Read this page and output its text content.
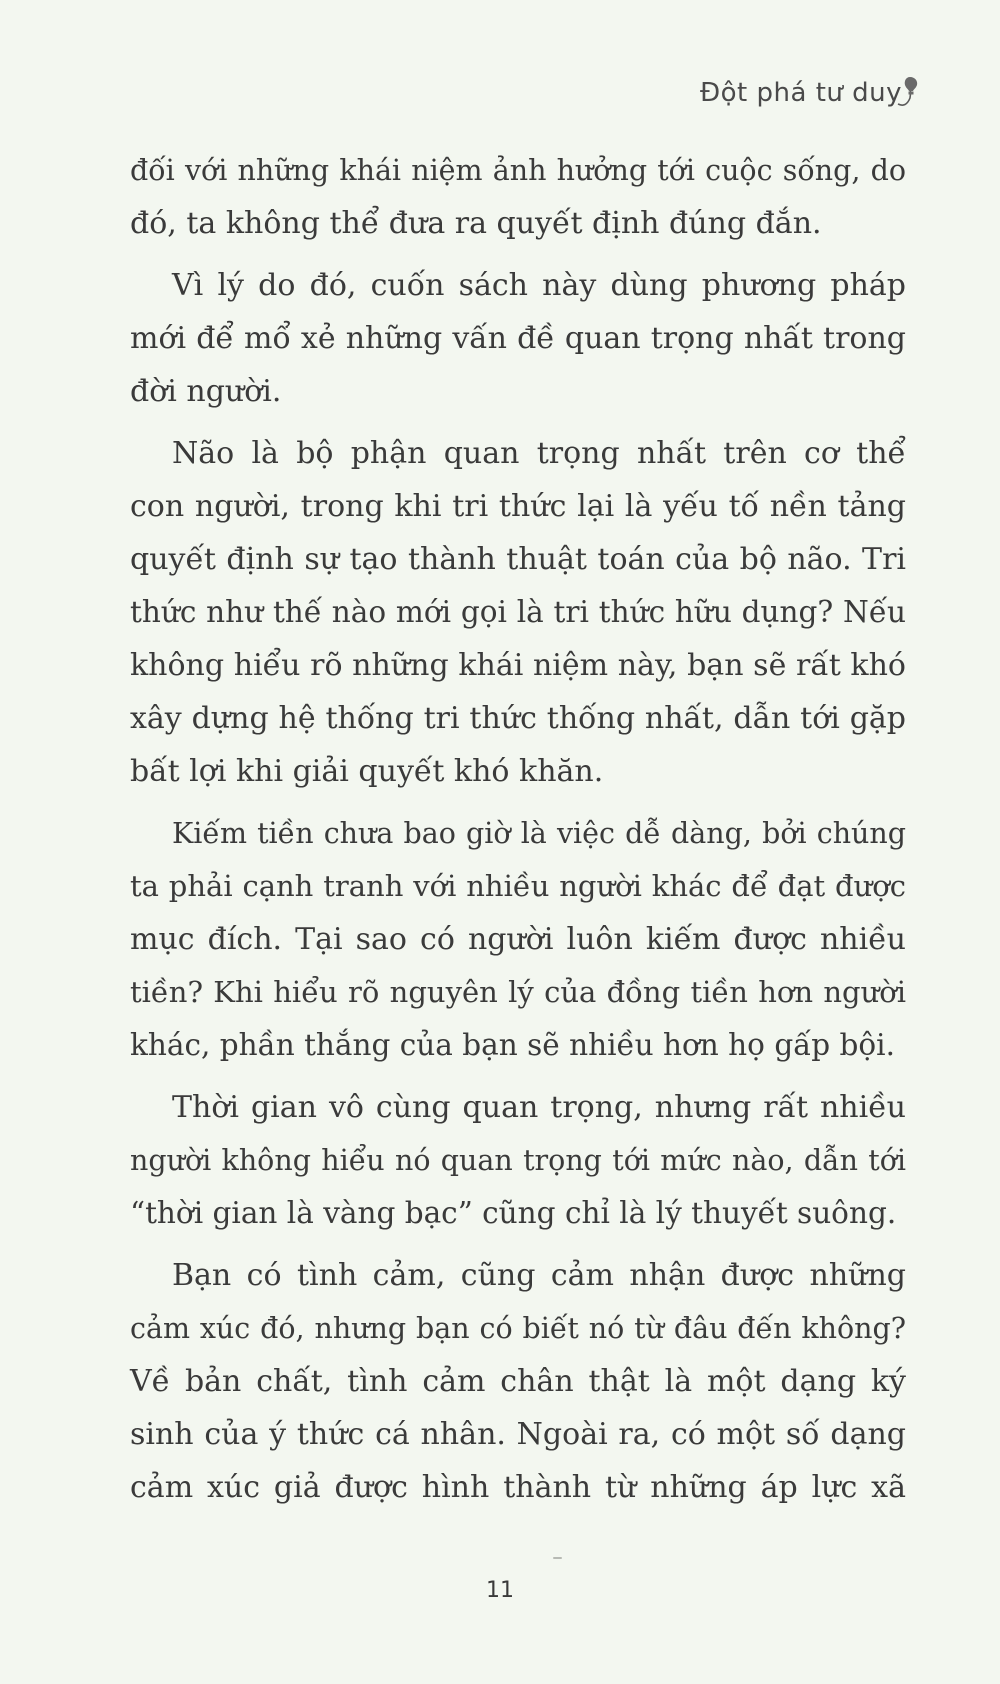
Đột phá tư duy
đối với những khái niệm ảnh hưởng tới cuộc sống, do
đó, ta không thể đưa ra quyết định đúng đắn.
Vì lý do đó, cuốn sách này dùng phương pháp
mới để mổ xẻ những vấn đề quan trọng nhất trong
đời người.
Não là bộ phận quan trọng nhất trên cơ thể
con người, trong khi tri thức lại là yếu tố nền tảng
quyết định sự tạo thành thuật toán của bộ não. Tri
thức như thế nào mới gọi là tri thức hữu dụng? Nếu
không hiểu rõ những khái niệm này, bạn sẽ rất khó
xây dựng hệ thống tri thức thống nhất, dẫn tới gặp
bất lợi khi giải quyết khó khăn.
Kiếm tiền chưa bao giờ là việc dễ dàng, bởi chúng
ta phải cạnh tranh với nhiều người khác để đạt được
mục đích. Tại sao có người luôn kiếm được nhiều
tiền? Khi hiểu rõ nguyên lý của đồng tiền hơn người
khác, phần thắng của bạn sẽ nhiều hơn họ gấp bội.
Thời gian vô cùng quan trọng, nhưng rất nhiều
người không hiểu nó quan trọng tới mức nào, dẫn tới
“thời gian là vàng bạc” cũng chỉ là lý thuyết suông.
Bạn có tình cảm, cũng cảm nhận được những
cảm xúc đó, nhưng bạn có biết nó từ đâu đến không?
Về bản chất, tình cảm chân thật là một dạng ký
sinh của ý thức cá nhân. Ngoài ra, có một số dạng
cảm xúc giả được hình thành từ những áp lực xã
11
